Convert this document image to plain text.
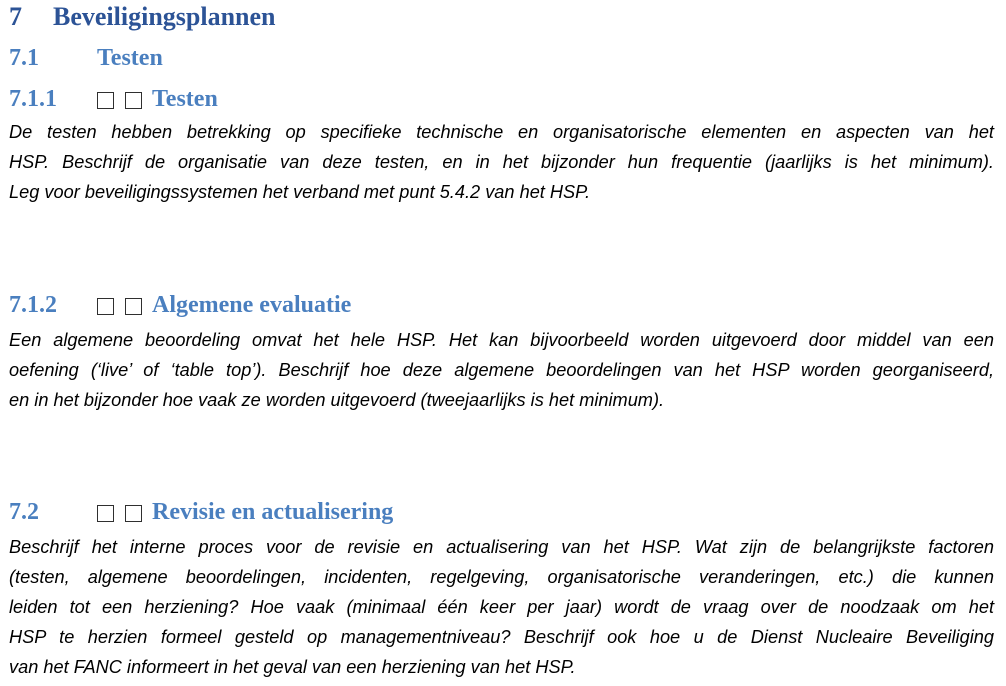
7	Beveiligingsplannen
7.1	Testen
7.1.1	Testen
De testen hebben betrekking op specifieke technische en organisatorische elementen en aspecten van het
HSP. Beschrijf de organisatie van deze testen, en in het bijzonder hun frequentie (jaarlijks is het minimum).
Leg voor beveiligingssystemen het verband met punt 5.4.2 van het HSP.
7.1.2	Algemene evaluatie
Een algemene beoordeling omvat het hele HSP. Het kan bijvoorbeeld worden uitgevoerd door middel van een
oefening (‘live’ of ‘table top’). Beschrijf hoe deze algemene beoordelingen van het HSP worden georganiseerd,
en in het bijzonder hoe vaak ze worden uitgevoerd (tweejaarlijks is het minimum).
7.2	Revisie en actualisering
Beschrijf het interne proces voor de revisie en actualisering van het HSP. Wat zijn de belangrijkste factoren
(testen, algemene beoordelingen, incidenten, regelgeving, organisatorische veranderingen, etc.) die kunnen
leiden tot een herziening? Hoe vaak (minimaal één keer per jaar) wordt de vraag over de noodzaak om het
HSP te herzien formeel gesteld op managementniveau? Beschrijf ook hoe u de Dienst Nucleaire Beveiliging
van het FANC informeert in het geval van een herziening van het HSP.
